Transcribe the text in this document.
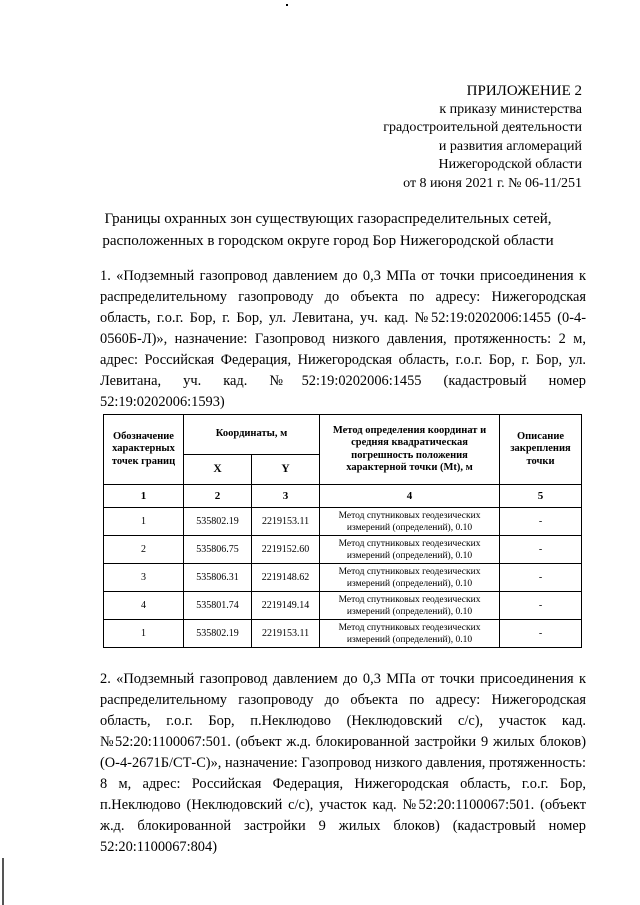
ПРИЛОЖЕНИЕ 2
к приказу министерства
градостроительной деятельности
и развития агломераций
Нижегородской области
от 8 июня 2021 г. № 06-11/251
Границы охранных зон существующих газораспределительных сетей,
расположенных в городском округе город Бор Нижегородской области
1. «Подземный газопровод давлением до 0,3 МПа от точки присоединения к распределительному газопроводу до объекта по адресу: Нижегородская область, г.о.г. Бор, г. Бор, ул. Левитана, уч. кад. №52:19:0202006:1455 (0-4-0560Б-Л)», назначение: Газопровод низкого давления, протяженность: 2 м, адрес: Российская Федерация, Нижегородская область, г.о.г. Бор, г. Бор, ул. Левитана, уч. кад. №52:19:0202006:1455 (кадастровый номер 52:19:0202006:1593)
Обозначение характерных точек границ	Координаты, м		Метод определения координат и средняя квадратическая погрешность положения характерной точки (Mt), м	Описание закрепления точки
	X	Y		
1	2	3	4	5
1	535802.19	2219153.11	Метод спутниковых геодезических измерений (определений), 0.10	-
2	535806.75	2219152.60	Метод спутниковых геодезических измерений (определений), 0.10	-
3	535806.31	2219148.62	Метод спутниковых геодезических измерений (определений), 0.10	-
4	535801.74	2219149.14	Метод спутниковых геодезических измерений (определений), 0.10	-
1	535802.19	2219153.11	Метод спутниковых геодезических измерений (определений), 0.10	-
2. «Подземный газопровод давлением до 0,3 МПа от точки присоединения к распределительному газопроводу до объекта по адресу: Нижегородская область, г.о.г. Бор, п.Неклюдово (Неклюдовский с/с), участок кад. №52:20:1100067:501. (объект ж.д. блокированной застройки 9 жилых блоков) (О-4-2671Б/СТ-С)», назначение: Газопровод низкого давления, протяженность: 8 м, адрес: Российская Федерация, Нижегородская область, г.о.г. Бор, п.Неклюдово (Неклюдовский с/с), участок кад. №52:20:1100067:501. (объект ж.д. блокированной застройки 9 жилых блоков) (кадастровый номер 52:20:1100067:804)
